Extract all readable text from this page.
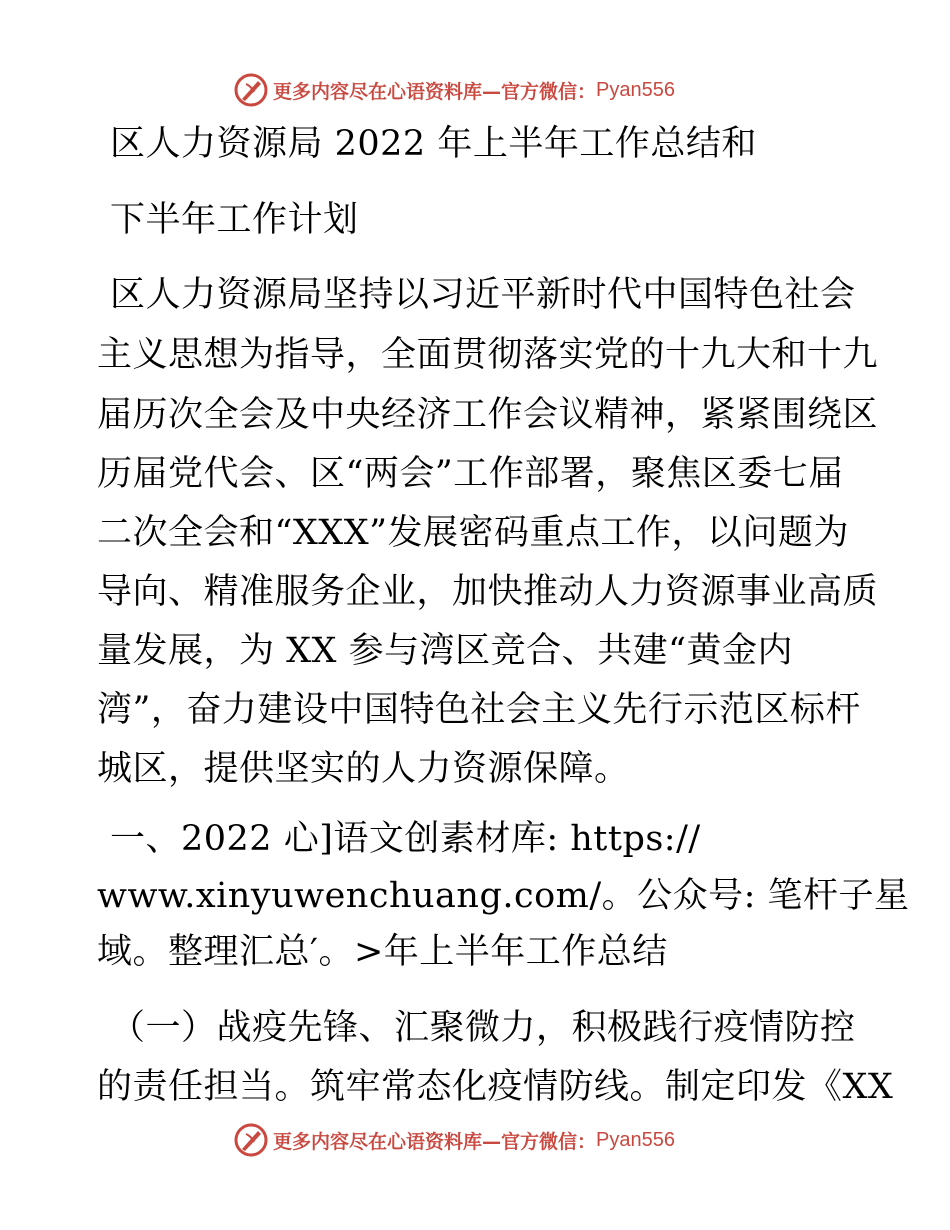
更多内容尽在心语资料库 —官方微信： Pyan556
区人力资源局 2022 年上半年工作总结和
下半年工作计划
区人力资源局坚持以习近平新时代中国特色社会
主义思想为指导，全面贯彻落实党的十九大和十九
届历次全会及中央经济工作会议精神，紧紧围绕区
历届党代会、区“两会”工作部署，聚焦区委七届
二次全会和“XXX”发展密码重点工作，以问题为
导向、精准服务企业，加快推动人力资源事业高质
量发展，为 XX 参与湾区竞合、共建“黄金内
湾”，奋力建设中国特色社会主义先行示范区标杆
城区，提供坚实的人力资源保障。
一、2022 心]语文创素材库: https://
www.xinyuwenchuang.com/。公众号: 笔杆子星
域。整理汇总′。>年上半年工作总结
（一）战疫先锋、汇聚微力，积极践行疫情防控
的责任担当。筑牢常态化疫情防线。制定印发《XX
更多内容尽在心语资料库 —官方微信： Pyan556
